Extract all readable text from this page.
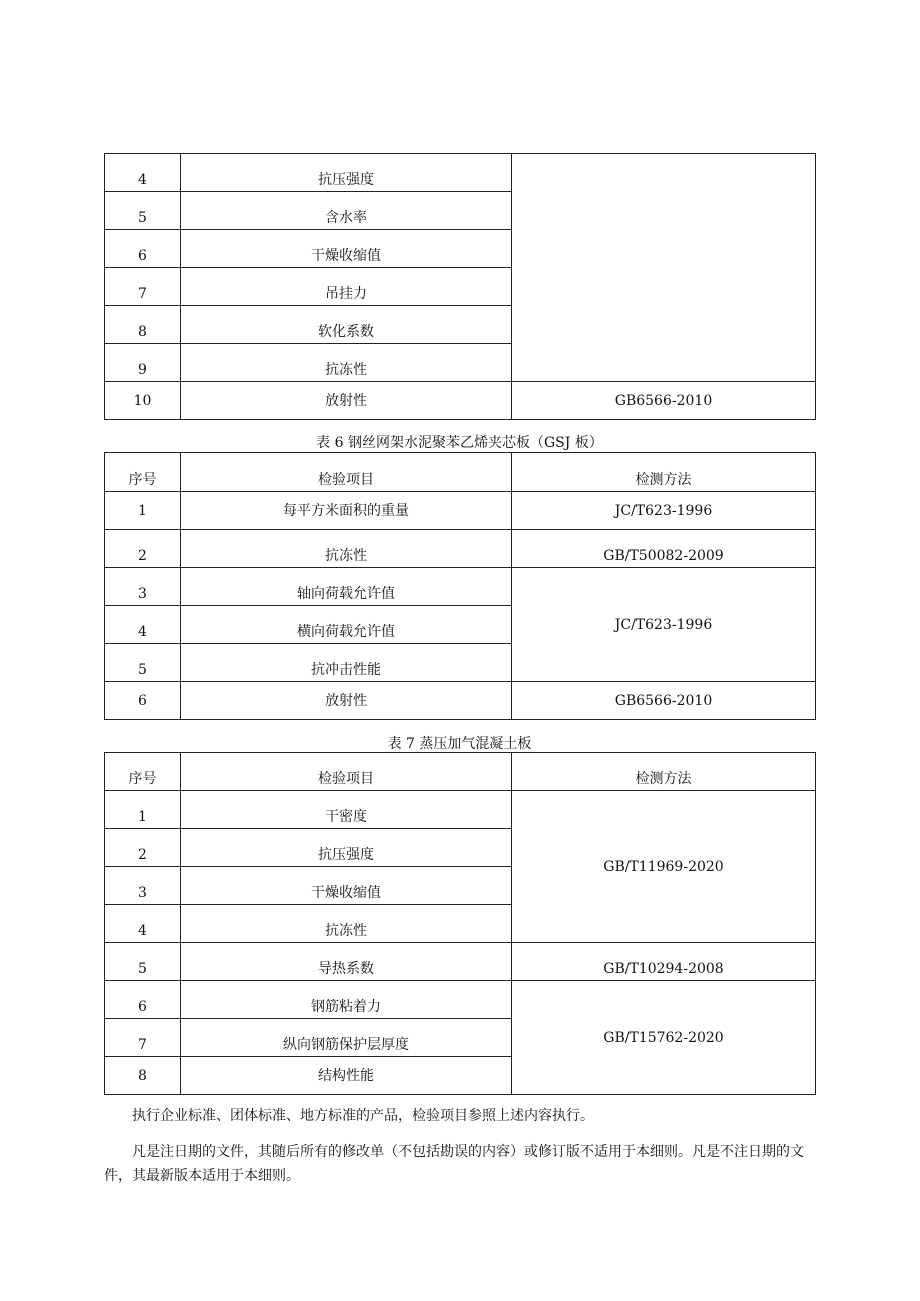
4	抗压强度	
5	含水率	
6	干燥收缩值	
7	吊挂力	
8	软化系数	
9	抗冻性	
10	放射性	GB6566-2010
表 6 钢丝网架水泥聚苯乙烯夹芯板（GSJ 板）
序号	检验项目	检测方法
1	每平方米面积的重量	JC/T623-1996
2	抗冻性	GB/T50082-2009
3	轴向荷载允许值	JC/T623-1996
4	横向荷载允许值	
5	抗冲击性能	
6	放射性	GB6566-2010
表 7 蒸压加气混凝土板
序号	检验项目	检测方法
1	干密度	GB/T11969-2020
2	抗压强度	
3	干燥收缩值	
4	抗冻性	
5	导热系数	GB/T10294-2008
6	钢筋粘着力	GB/T15762-2020
7	纵向钢筋保护层厚度	
8	结构性能	

执行企业标准、团体标准、地方标准的产品，检验项目参照上述内容执行。

凡是注日期的文件，其随后所有的修改单（不包括勘误的内容）或修订版不适用于本细则。凡是不注日期的文件，其最新版本适用于本细则。
